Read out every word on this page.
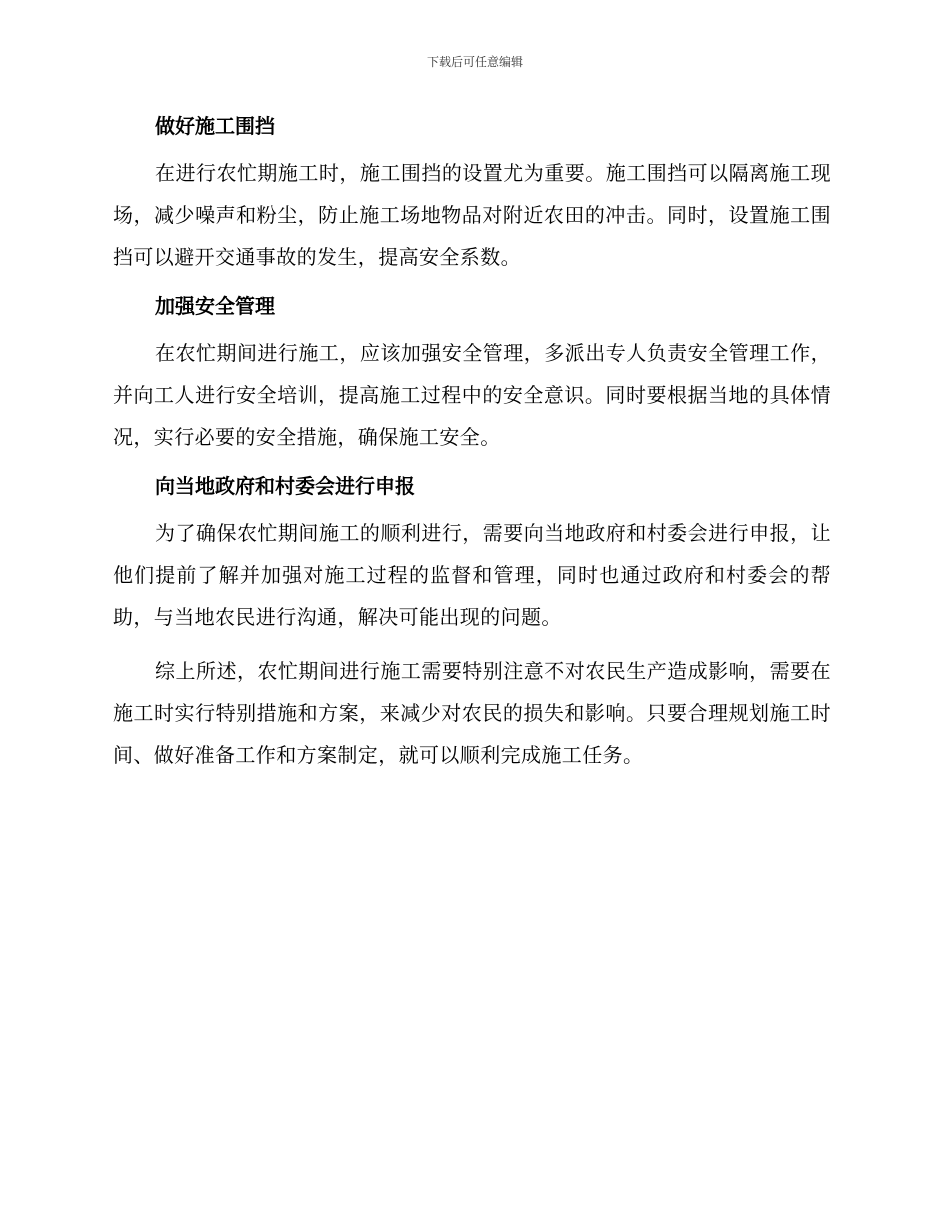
下载后可任意编辑
做好施工围挡

在进行农忙期施工时，施工围挡的设置尤为重要。施工围挡可以隔离施工现场，减少噪声和粉尘，防止施工场地物品对附近农田的冲击。同时，设置施工围挡可以避开交通事故的发生，提高安全系数。

加强安全管理

在农忙期间进行施工，应该加强安全管理，多派出专人负责安全管理工作，并向工人进行安全培训，提高施工过程中的安全意识。同时要根据当地的具体情况，实行必要的安全措施，确保施工安全。

向当地政府和村委会进行申报

为了确保农忙期间施工的顺利进行，需要向当地政府和村委会进行申报，让他们提前了解并加强对施工过程的监督和管理，同时也通过政府和村委会的帮助，与当地农民进行沟通，解决可能出现的问题。

综上所述，农忙期间进行施工需要特别注意不对农民生产造成影响，需要在施工时实行特别措施和方案，来减少对农民的损失和影响。只要合理规划施工时间、做好准备工作和方案制定，就可以顺利完成施工任务。
